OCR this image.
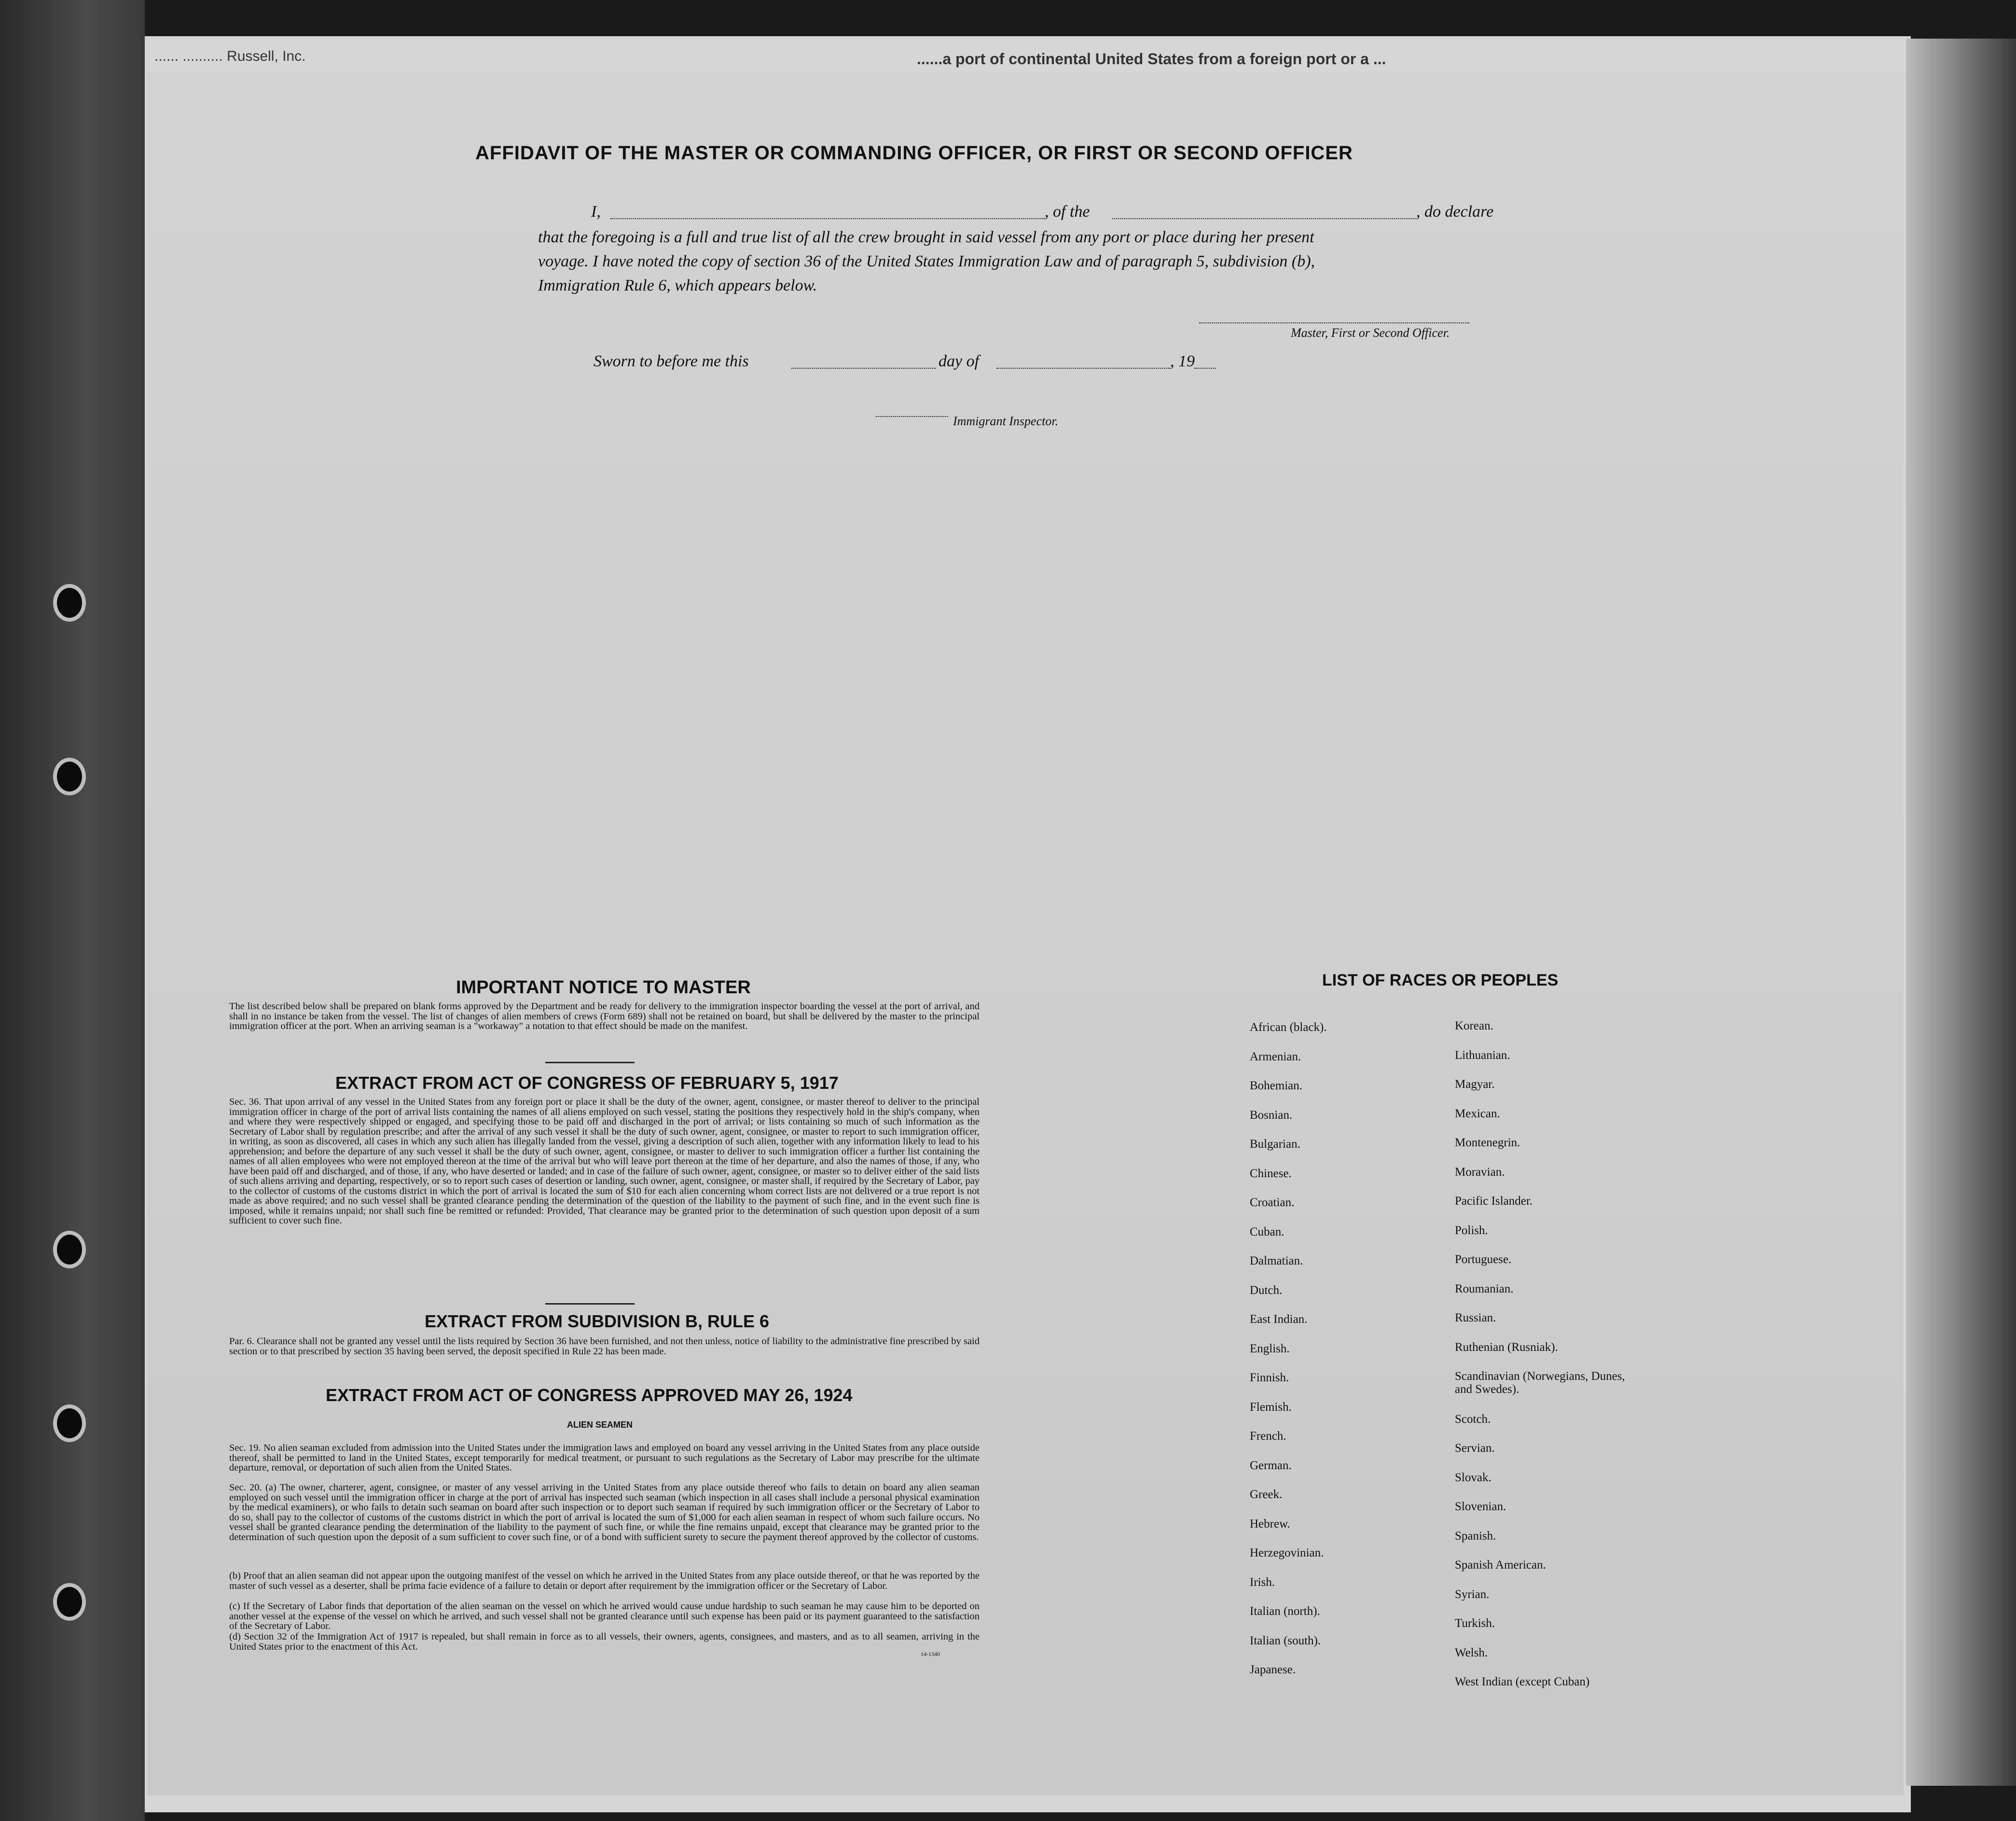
...... .......... Russell, Inc.	......a port of continental United States from a foreign port or a ...
AFFIDAVIT OF THE MASTER OR COMMANDING OFFICER, OR FIRST OR SECOND OFFICER
I,	, of the	, do declare
that the foregoing is a full and true list of all the crew brought in said vessel from any port or place during her present
voyage. I have noted the copy of section 36 of the United States Immigration Law and of paragraph 5, subdivision (b),
Immigration Rule 6, which appears below.
Master, First or Second Officer.
Sworn to before me this	day of	, 19
Immigrant Inspector.
IMPORTANT NOTICE TO MASTER
The list described below shall be prepared on blank forms approved by the Department and be ready for delivery to the immigration inspector boarding the vessel at the port of arrival, and shall in no instance be taken from the vessel. The list of changes of alien members of crews (Form 689) shall not be retained on board, but shall be delivered by the master to the principal immigration officer at the port. When an arriving seaman is a "workaway" a notation to that effect should be made on the manifest.
EXTRACT FROM ACT OF CONGRESS OF FEBRUARY 5, 1917
Sec. 36. That upon arrival of any vessel in the United States from any foreign port or place it shall be the duty of the owner, agent, consignee, or master thereof to deliver to the principal immigration officer in charge of the port of arrival lists containing the names of all aliens employed on such vessel, stating the positions they respectively hold in the ship's company, when and where they were respectively shipped or engaged, and specifying those to be paid off and discharged in the port of arrival; or lists containing so much of such information as the Secretary of Labor shall by regulation prescribe; and after the arrival of any such vessel it shall be the duty of such owner, agent, consignee, or master to report to such immigration officer, in writing, as soon as discovered, all cases in which any such alien has illegally landed from the vessel, giving a description of such alien, together with any information likely to lead to his apprehension; and before the departure of any such vessel it shall be the duty of such owner, agent, consignee, or master to deliver to such immigration officer a further list containing the names of all alien employees who were not employed thereon at the time of the arrival but who will leave port thereon at the time of her departure, and also the names of those, if any, who have been paid off and discharged, and of those, if any, who have deserted or landed; and in case of the failure of such owner, agent, consignee, or master so to deliver either of the said lists of such aliens arriving and departing, respectively, or so to report such cases of desertion or landing, such owner, agent, consignee, or master shall, if required by the Secretary of Labor, pay to the collector of customs of the customs district in which the port of arrival is located the sum of $10 for each alien concerning whom correct lists are not delivered or a true report is not made as above required; and no such vessel shall be granted clearance pending the determination of the question of the liability to the payment of such fine, and in the event such fine is imposed, while it remains unpaid; nor shall such fine be remitted or refunded: Provided, That clearance may be granted prior to the determination of such question upon deposit of a sum sufficient to cover such fine.
EXTRACT FROM SUBDIVISION B, RULE 6
Par. 6. Clearance shall not be granted any vessel until the lists required by Section 36 have been furnished, and not then unless, notice of liability to the administrative fine prescribed by said section or to that prescribed by section 35 having been served, the deposit specified in Rule 22 has been made.
EXTRACT FROM ACT OF CONGRESS APPROVED MAY 26, 1924
ALIEN SEAMEN
Sec. 19. No alien seaman excluded from admission into the United States under the immigration laws and employed on board any vessel arriving in the United States from any place outside thereof, shall be permitted to land in the United States, except temporarily for medical treatment, or pursuant to such regulations as the Secretary of Labor may prescribe for the ultimate departure, removal, or deportation of such alien from the United States.
Sec. 20. (a) The owner, charterer, agent, consignee, or master of any vessel arriving in the United States from any place outside thereof who fails to detain on board any alien seaman employed on such vessel until the immigration officer in charge at the port of arrival has inspected such seaman (which inspection in all cases shall include a personal physical examination by the medical examiners), or who fails to detain such seaman on board after such inspection or to deport such seaman if required by such immigration officer or the Secretary of Labor to do so, shall pay to the collector of customs of the customs district in which the port of arrival is located the sum of $1,000 for each alien seaman in respect of whom such failure occurs. No vessel shall be granted clearance pending the determination of the liability to the payment of such fine, or while the fine remains unpaid, except that clearance may be granted prior to the determination of such question upon the deposit of a sum sufficient to cover such fine, or of a bond with sufficient surety to secure the payment thereof approved by the collector of customs.
(b) Proof that an alien seaman did not appear upon the outgoing manifest of the vessel on which he arrived in the United States from any place outside thereof, or that he was reported by the master of such vessel as a deserter, shall be prima facie evidence of a failure to detain or deport after requirement by the immigration officer or the Secretary of Labor.
(c) If the Secretary of Labor finds that deportation of the alien seaman on the vessel on which he arrived would cause undue hardship to such seaman he may cause him to be deported on another vessel at the expense of the vessel on which he arrived, and such vessel shall not be granted clearance until such expense has been paid or its payment guaranteed to the satisfaction of the Secretary of Labor.
(d) Section 32 of the Immigration Act of 1917 is repealed, but shall remain in force as to all vessels, their owners, agents, consignees, and masters, and as to all seamen, arriving in the United States prior to the enactment of this Act.
14-1340
LIST OF RACES OR PEOPLES
African (black).
Armenian.
Bohemian.
Bosnian.
Bulgarian.
Chinese.
Croatian.
Cuban.
Dalmatian.
Dutch.
East Indian.
English.
Finnish.
Flemish.
French.
German.
Greek.
Hebrew.
Herzegovinian.
Irish.
Italian (north).
Italian (south).
Japanese.
Korean.
Lithuanian.
Magyar.
Mexican.
Montenegrin.
Moravian.
Pacific Islander.
Polish.
Portuguese.
Roumanian.
Russian.
Ruthenian (Rusniak).
Scandinavian (Norwegians, Dunes, and Swedes).
Scotch.
Servian.
Slovak.
Slovenian.
Spanish.
Spanish American.
Syrian.
Turkish.
Welsh.
West Indian (except Cuban)
